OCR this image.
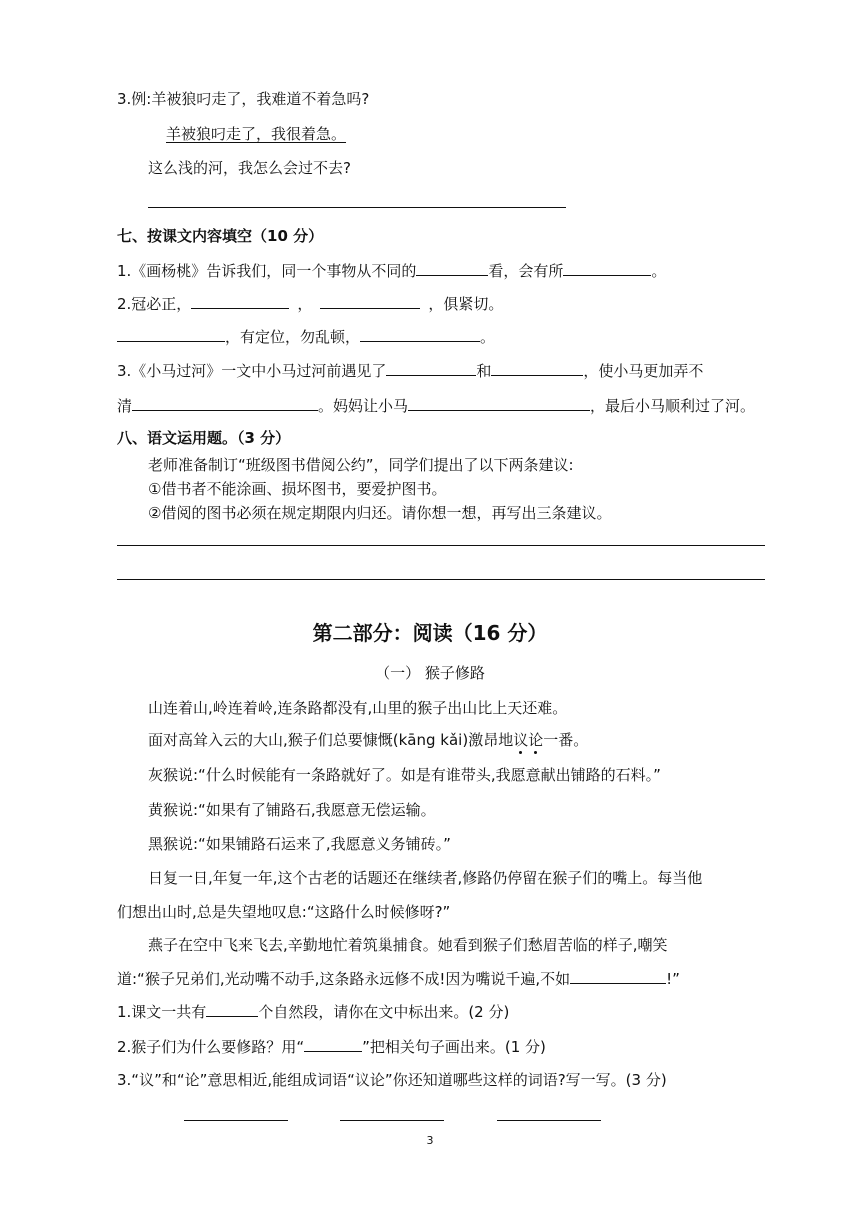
3.例:羊被狼叼走了，我难道不着急吗?
羊被狼叼走了，我很着急。
这么浅的河，我怎么会过不去?
七、按课文内容填空（10 分）
1.《画杨桃》告诉我们，同一个事物从不同的	看，会有所	。
2.冠必正，	，	，俱紧切。
，有定位，勿乱顿，	。
3.《小马过河》一文中小马过河前遇见了	和	，使小马更加弄不
清	。妈妈让小马	，最后小马顺利过了河。
八、语文运用题。（3 分）
老师准备制订“班级图书借阅公约”，同学们提出了以下两条建议:
①借书者不能涂画、损坏图书，要爱护图书。
②借阅的图书必须在规定期限内归还。请你想一想，再写出三条建议。
第二部分：阅读（16 分）
（一） 猴子修路
山连着山,岭连着岭,连条路都没有,山里的猴子出山比上天还难。
面对高耸入云的大山,猴子们总要慷慨(kāng kǎi)激昂地议论一番。
灰猴说:“什么时候能有一条路就好了。如是有谁带头,我愿意献出铺路的石料。”
黄猴说:“如果有了铺路石,我愿意无偿运输。
黑猴说:“如果铺路石运来了,我愿意义务铺砖。”
日复一日,年复一年,这个古老的话题还在继续者,修路仍停留在猴子们的嘴上。每当他
们想出山时,总是失望地叹息:“这路什么时候修呀?”
燕子在空中飞来飞去,辛勤地忙着筑巢捕食。她看到猴子们愁眉苦临的样子,嘲笑
道:“猴子兄弟们,光动嘴不动手,这条路永远修不成!因为嘴说千遍,不如	!”
1.课文一共有	个自然段，请你在文中标出来。(2 分)
2.猴子们为什么要修路？用“	”把相关句子画出来。(1 分)
3.“议”和“论”意思相近,能组成词语“议论”你还知道哪些这样的词语?写一写。(3 分)
3
